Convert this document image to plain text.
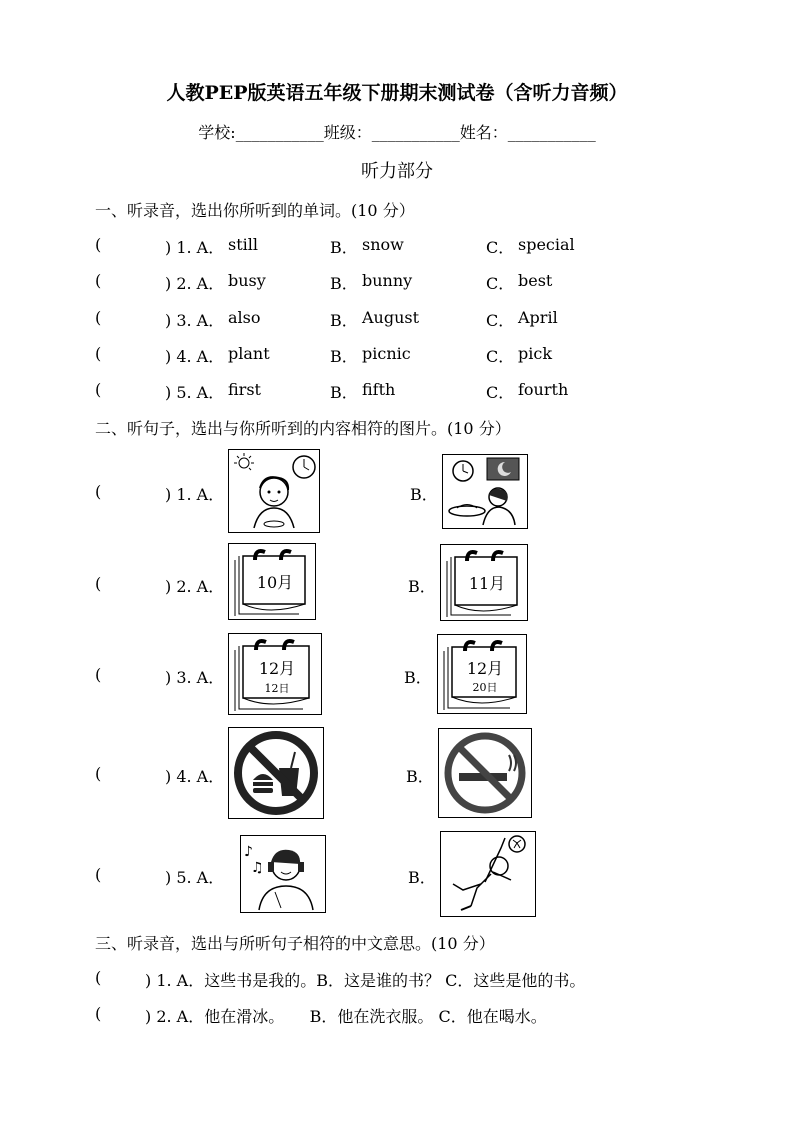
人教PEP版英语五年级下册期末测试卷（含听力音频）
学校:___________班级：___________姓名：___________
听力部分
一、听录音，选出你所听到的单词。(10 分）
(	) 1. A． still	B． snow	C． special
(	) 2. A． busy	B． bunny	C． best
(	) 3. A． also	B． August	C． April
(	) 4. A． plant	B． picnic	C． pick
(	) 5. A． first	B． fifth	C． fourth
二、听句子，选出与你所听到的内容相符的图片。(10 分）
(	) 1. A．	B．
(	) 2. A． 10月	B． 11月
(	) 3. A． 12月
12日
B． 12月
20日
(	) 4. A．	B．
(	) 5. A．
♪
♫	B．
三、听录音，选出与所听句子相符的中文意思。(10 分）
(	) 1. A．这些书是我的。B．这是谁的书？ C．这些是他的书。
(	) 2. A．他在滑冰。     B．他在洗衣服。 C．他在喝水。
